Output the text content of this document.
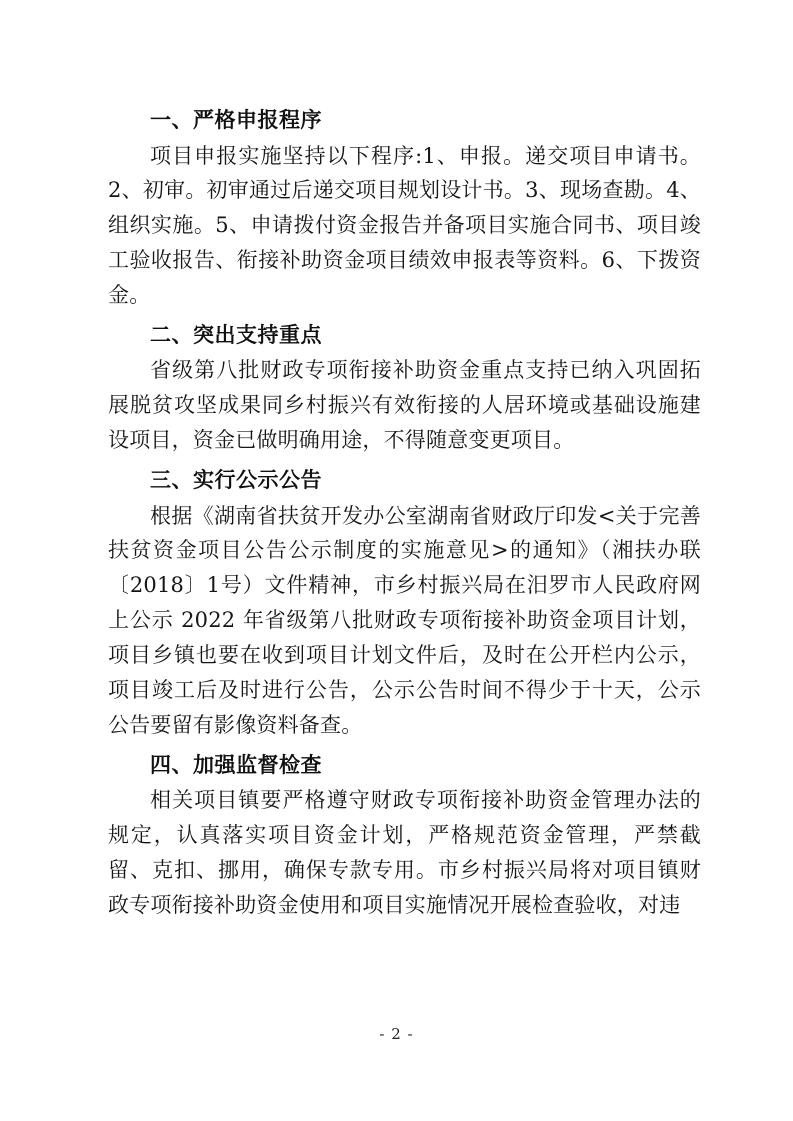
一、严格申报程序

项目申报实施坚持以下程序:1、申报。递交项目申请书。2、初审。初审通过后递交项目规划设计书。3、现场查勘。4、组织实施。5、申请拨付资金报告并备项目实施合同书、项目竣工验收报告、衔接补助资金项目绩效申报表等资料。6、下拨资金。

二、突出支持重点

省级第八批财政专项衔接补助资金重点支持已纳入巩固拓展脱贫攻坚成果同乡村振兴有效衔接的人居环境或基础设施建设项目，资金已做明确用途，不得随意变更项目。

三、实行公示公告

根据《湖南省扶贫开发办公室湖南省财政厅印发<关于完善扶贫资金项目公告公示制度的实施意见>的通知》（湘扶办联〔2018〕1号）文件精神，市乡村振兴局在汨罗市人民政府网上公示 2022 年省级第八批财政专项衔接补助资金项目计划，项目乡镇也要在收到项目计划文件后，及时在公开栏内公示，项目竣工后及时进行公告，公示公告时间不得少于十天，公示公告要留有影像资料备查。

四、加强监督检查

相关项目镇要严格遵守财政专项衔接补助资金管理办法的规定，认真落实项目资金计划，严格规范资金管理，严禁截留、克扣、挪用，确保专款专用。市乡村振兴局将对项目镇财政专项衔接补助资金使用和项目实施情况开展检查验收，对违

- 2 -
